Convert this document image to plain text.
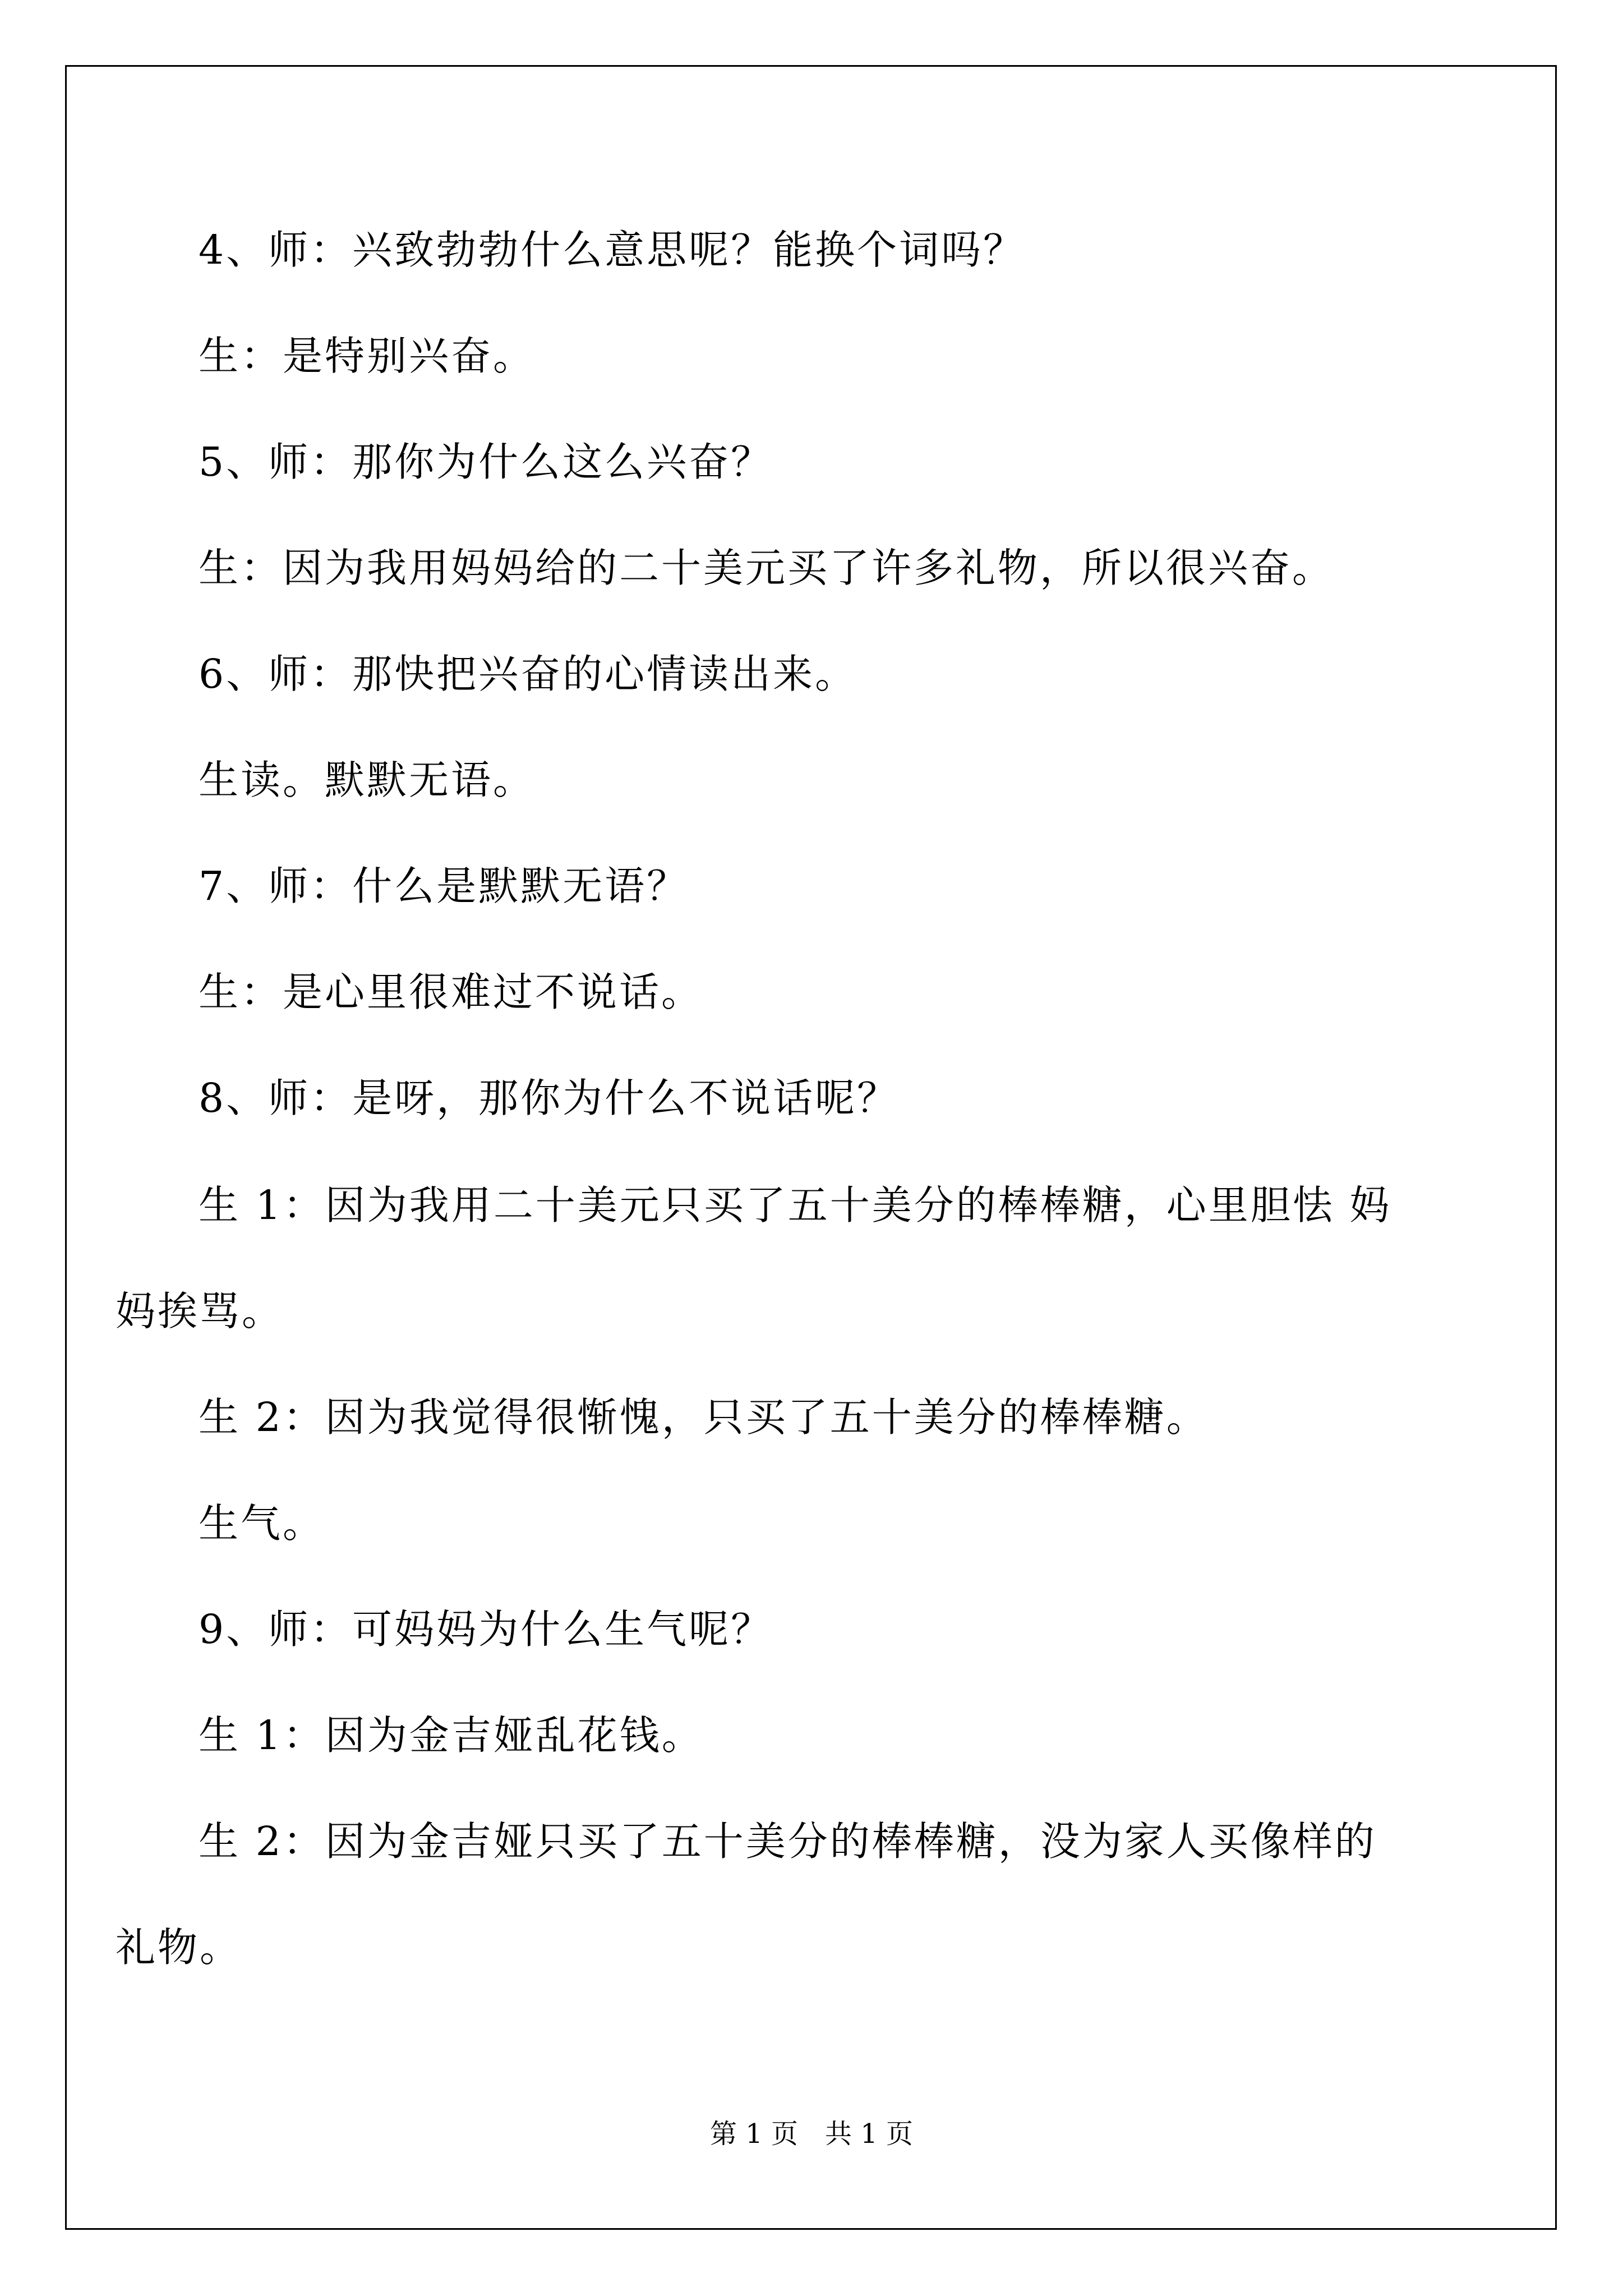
4、师：兴致勃勃什么意思呢？能换个词吗？
生：是特别兴奋。
5、师：那你为什么这么兴奋？
生：因为我用妈妈给的二十美元买了许多礼物，所以很兴奋。
6、师：那快把兴奋的心情读出来。
生读。默默无语。
7、师：什么是默默无语？
生：是心里很难过不说话。
8、师：是呀，那你为什么不说话呢？
生 1：因为我用二十美元只买了五十美分的棒棒糖，心里胆怯 妈
妈挨骂。
生 2：因为我觉得很惭愧，只买了五十美分的棒棒糖。
生气。
9、师：可妈妈为什么生气呢？
生 1：因为金吉娅乱花钱。
生 2：因为金吉娅只买了五十美分的棒棒糖，没为家人买像样的
礼物。
第 1 页　共 1 页
